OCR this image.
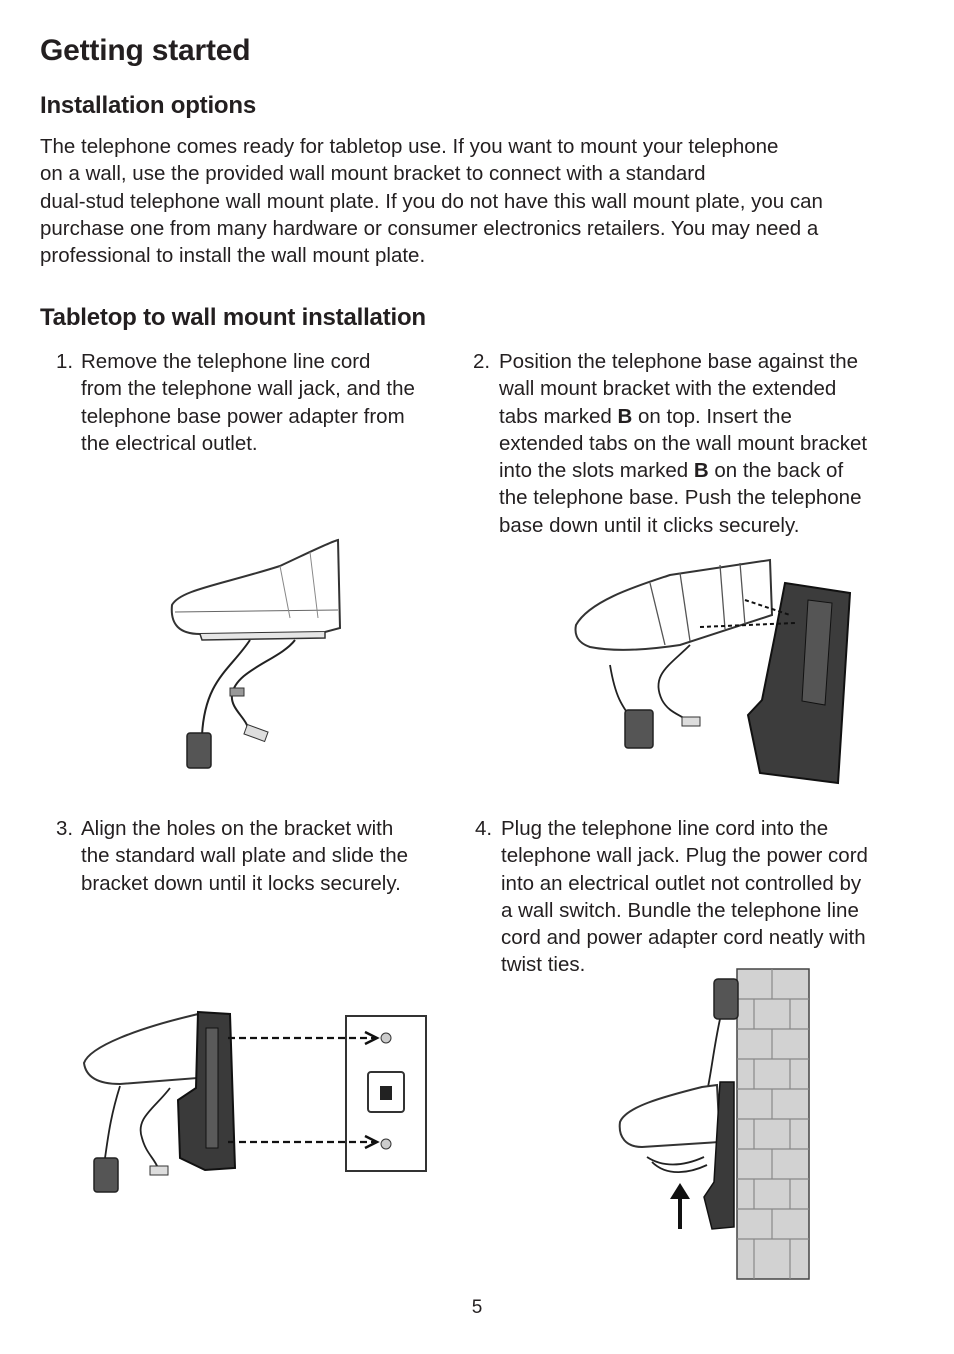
Getting started
Installation options

The telephone comes ready for tabletop use. If you want to mount your telephone
on a wall, use the provided wall mount bracket to connect with a standard
dual-stud telephone wall mount plate. If you do not have this wall mount plate, you can
purchase one from many hardware or consumer electronics retailers. You may need a
professional to install the wall mount plate.

Tabletop to wall mount installation
1. Remove the telephone line cord
from the telephone wall jack, and the
telephone base power adapter from
the electrical outlet.
2. Position the telephone base against the
wall mount bracket with the extended
tabs marked B on top. Insert the
extended tabs on the wall mount bracket
into the slots marked B on the back of
the telephone base. Push the telephone
base down until it clicks securely.
3. Align the holes on the bracket with
the standard wall plate and slide the
bracket down until it locks securely.
4. Plug the telephone line cord into the
telephone wall jack. Plug the power cord
into an electrical outlet not controlled by
a wall switch. Bundle the telephone line
cord and power adapter cord neatly with
twist ties.
5
